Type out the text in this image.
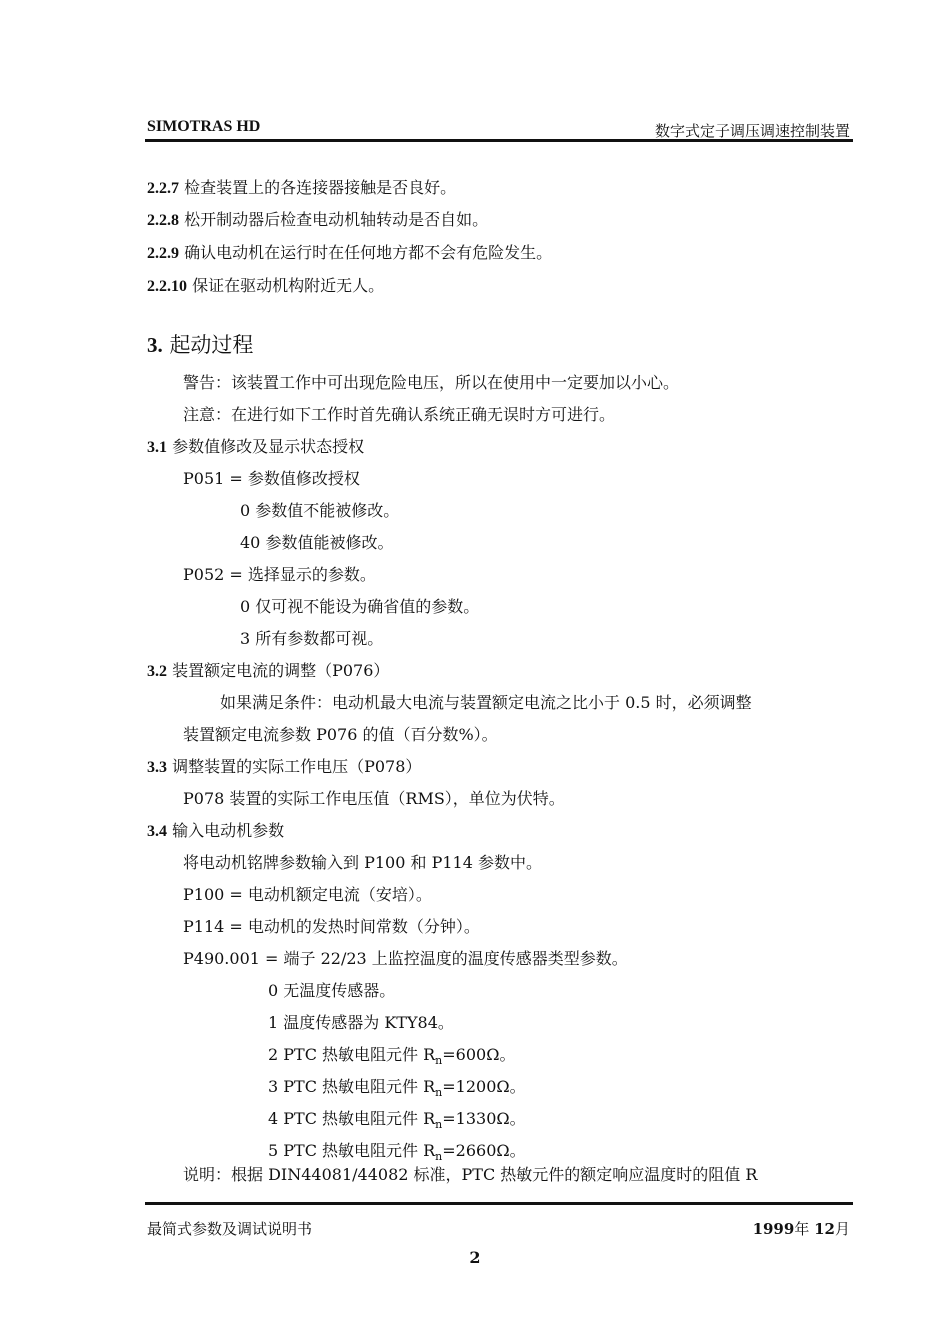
SIMOTRAS HD	数字式定子调压调速控制装置
2.2.7 检查装置上的各连接器接触是否良好。
2.2.8 松开制动器后检查电动机轴转动是否自如。
2.2.9 确认电动机在运行时在任何地方都不会有危险发生。
2.2.10 保证在驱动机构附近无人。
3. 起动过程
警告：该装置工作中可出现危险电压，所以在使用中一定要加以小心。
注意：在进行如下工作时首先确认系统正确无误时方可进行。
3.1 参数值修改及显示状态授权
P051 = 参数值修改授权
0 参数值不能被修改。
40 参数值能被修改。
P052 = 选择显示的参数。
0 仅可视不能设为确省值的参数。
3 所有参数都可视。
3.2 装置额定电流的调整（P076）
如果满足条件：电动机最大电流与装置额定电流之比小于 0.5 时，必须调整
装置额定电流参数 P076 的值（百分数%）。
3.3 调整装置的实际工作电压（P078）
P078 装置的实际工作电压值（RMS），单位为伏特。
3.4 输入电动机参数
将电动机铭牌参数输入到 P100 和 P114 参数中。
P100 = 电动机额定电流（安培）。
P114 = 电动机的发热时间常数（分钟）。
P490.001 = 端子 22/23 上监控温度的温度传感器类型参数。
0 无温度传感器。
1 温度传感器为 KTY84。
2 PTC 热敏电阻元件 $R_n=600\Omega$。
3 PTC 热敏电阻元件 $R_n=1200\Omega$。
4 PTC 热敏电阻元件 $R_n=1330\Omega$。
5 PTC 热敏电阻元件 $R_n=2660\Omega$。
说明：根据 DIN44081/44082 标准，PTC 热敏元件的额定响应温度时的阻值 R
最简式参数及调试说明书	1999年 12月
2
